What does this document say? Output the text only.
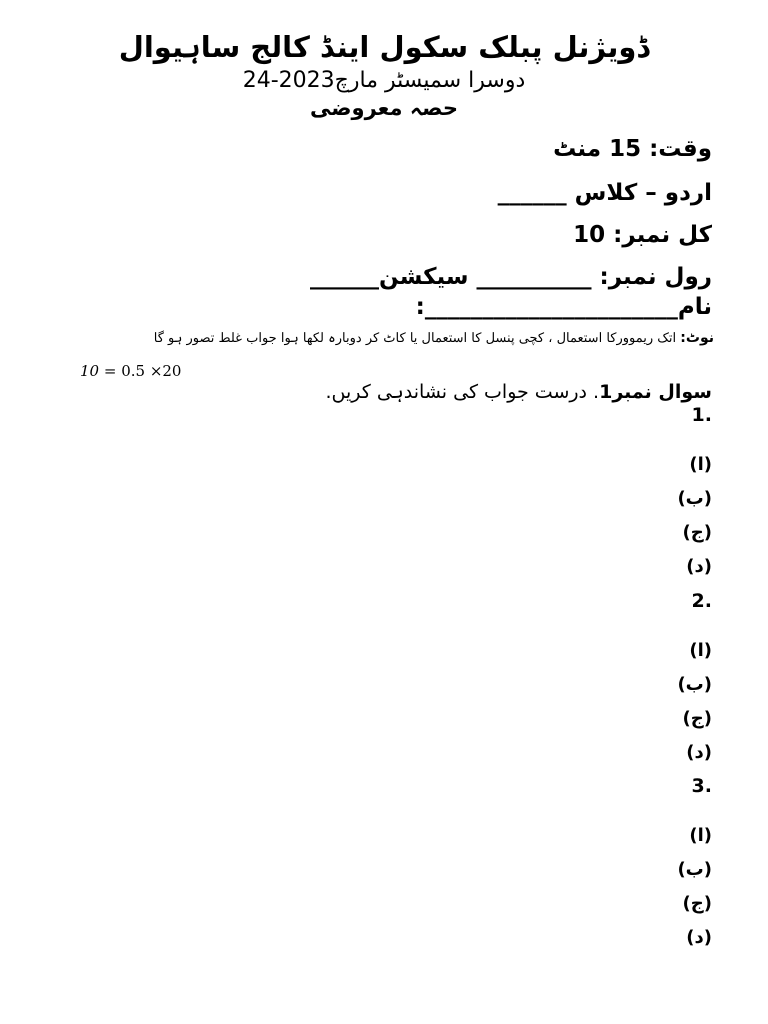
ڈویژنل پبلک سکول اینڈ کالج ساہیوال
دوسرا سمیسٹر مارچ2023-24
حصہ معروضی
وقت: 15 منٹ
اردو – کلاس ______
کل نمبر: 10
رول نمبر: __________ سیکشن______
نام______________________:
نوٹ: اتک ریموورکا استعمال ، کچی پنسل کا استعمال یا کاٹ کر دوبارہ لکھا ہوا جواب غلط تصور ہو گا
10 = 0.5 ×20
سوال نمبر1. درست جواب کی نشاندہی کریں.
1.
(ا)
(ب)
(ج)
(د)
2.
(ا)
(ب)
(ج)
(د)
3.
(ا)
(ب)
(ج)
(د)
